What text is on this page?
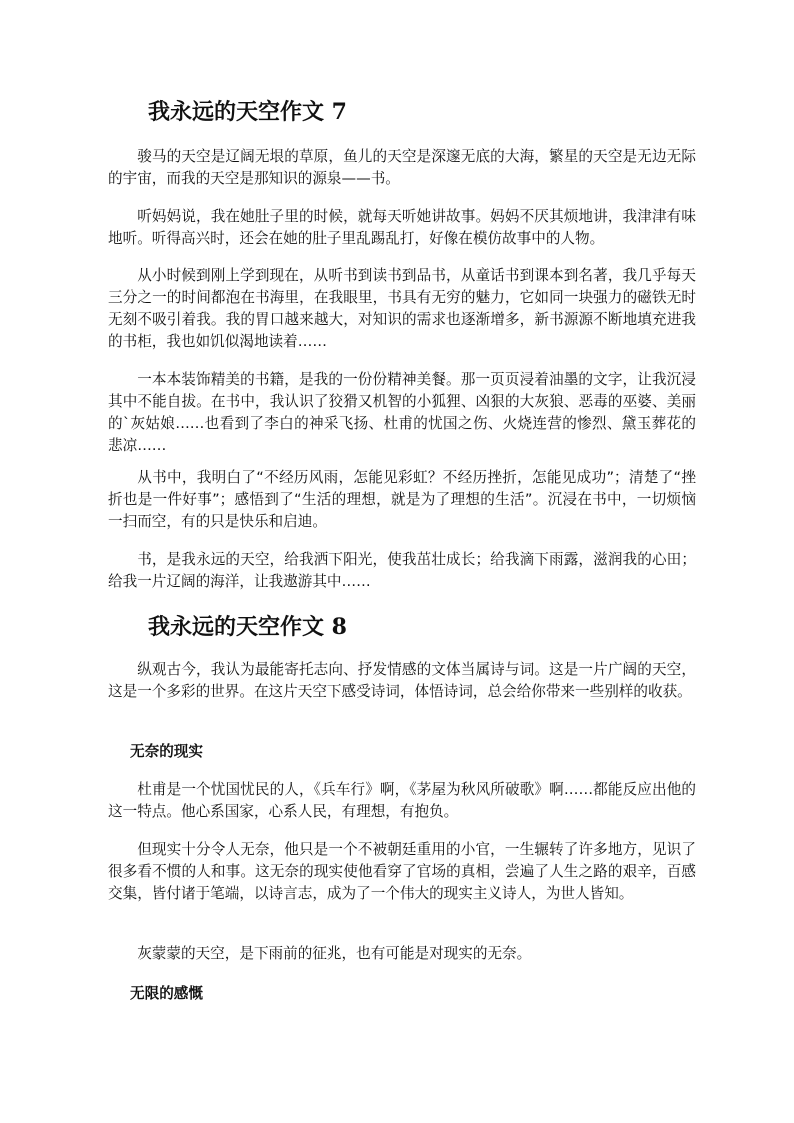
我永远的天空作文 7

骏马的天空是辽阔无垠的草原，鱼儿的天空是深邃无底的大海，繁星的天空是无边无际的宇宙，而我的天空是那知识的源泉——书。

听妈妈说，我在她肚子里的时候，就每天听她讲故事。妈妈不厌其烦地讲，我津津有味地听。听得高兴时，还会在她的肚子里乱踢乱打，好像在模仿故事中的人物。

从小时候到刚上学到现在，从听书到读书到品书，从童话书到课本到名著，我几乎每天三分之一的时间都泡在书海里，在我眼里，书具有无穷的魅力，它如同一块强力的磁铁无时无刻不吸引着我。我的胃口越来越大，对知识的需求也逐渐增多，新书源源不断地填充进我的书柜，我也如饥似渴地读着……

一本本装饰精美的书籍，是我的一份份精神美餐。那一页页浸着油墨的文字，让我沉浸其中不能自拔。在书中，我认识了狡猾又机智的小狐狸、凶狠的大灰狼、恶毒的巫婆、美丽的`灰姑娘……也看到了李白的神采飞扬、杜甫的忧国之伤、火烧连营的惨烈、黛玉葬花的悲凉……

从书中，我明白了“不经历风雨，怎能见彩虹？不经历挫折，怎能见成功”；清楚了“挫折也是一件好事”；感悟到了“生活的理想，就是为了理想的生活”。沉浸在书中，一切烦恼一扫而空，有的只是快乐和启迪。

书，是我永远的天空，给我洒下阳光，使我茁壮成长；给我滴下雨露，滋润我的心田；给我一片辽阔的海洋，让我遨游其中……

我永远的天空作文 8

纵观古今，我认为最能寄托志向、抒发情感的文体当属诗与词。这是一片广阔的天空，这是一个多彩的世界。在这片天空下感受诗词，体悟诗词，总会给你带来一些别样的收获。

无奈的现实

杜甫是一个忧国忧民的人，《兵车行》啊，《茅屋为秋风所破歌》啊……都能反应出他的这一特点。他心系国家，心系人民，有理想，有抱负。

但现实十分令人无奈，他只是一个不被朝廷重用的小官，一生辗转了许多地方，见识了很多看不惯的人和事。这无奈的现实使他看穿了官场的真相，尝遍了人生之路的艰辛，百感交集，皆付诸于笔端，以诗言志，成为了一个伟大的现实主义诗人，为世人皆知。

灰蒙蒙的天空，是下雨前的征兆，也有可能是对现实的无奈。

无限的感慨
